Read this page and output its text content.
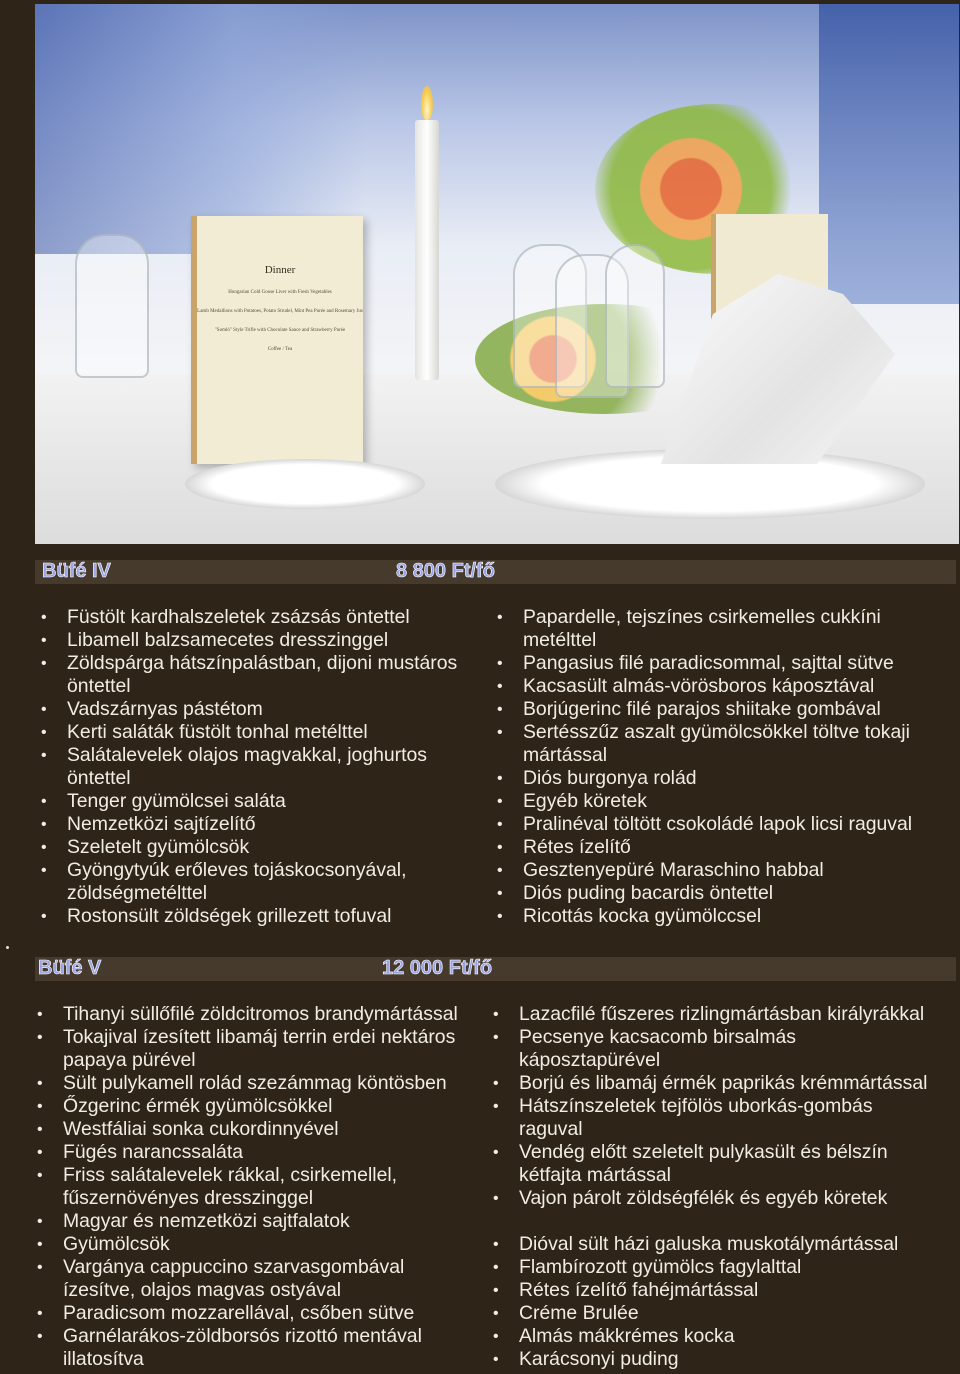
Dinner
Hungarian Cold Goose Liver with Fresh Vegetables
Lamb Medallions with Potatoes, Potato Strudel, Mint Pea Purée and Rosemary Jus
"Somló" Style Trifle with Chocolate Sauce and Strawberry Purée
Coffee / Tea
Büfé IV	8 800 Ft/fő
• Füstölt kardhalszeletek zsázsás öntettel
• Libamell balzsamecetes dresszinggel
• Zöldspárga hátszínpalástban, dijoni mustáros
öntettel
• Vadszárnyas pástétom
• Kerti saláták füstölt tonhal metélttel
• Salátalevelek olajos magvakkal, joghurtos
öntettel
• Tenger gyümölcsei saláta
• Nemzetközi sajtízelítő
• Szeletelt gyümölcsök
• Gyöngytyúk erőleves tojáskocsonyával,
zöldségmetélttel
• Rostonsült zöldségek grillezett tofuval
• Papardelle, tejszínes csirkemelles cukkíni
metélttel
• Pangasius filé paradicsommal, sajttal sütve
• Kacsasült almás-vörösboros káposztával
• Borjúgerinc filé parajos shiitake gombával
• Sertésszűz aszalt gyümölcsökkel töltve tokaji
mártással
• Diós burgonya rolád
• Egyéb köretek
• Pralinéval töltött csokoládé lapok licsi raguval
• Rétes ízelítő
• Gesztenyepüré Maraschino habbal
• Diós puding bacardis öntettel
• Ricottás kocka gyümölccsel
Büfé V	12 000 Ft/fő
• Tihanyi süllőfilé zöldcitromos brandymártással
• Tokajival ízesített libamáj terrin erdei nektáros
papaya pürével
• Sült pulykamell rolád szezámmag köntösben
• Őzgerinc érmék gyümölcsökkel
• Westfáliai sonka cukordinnyével
• Fügés narancssaláta
• Friss salátalevelek rákkal, csirkemellel,
fűszernövényes dresszinggel
• Magyar és nemzetközi sajtfalatok
• Gyümölcsök
• Vargánya cappuccino szarvasgombával
ízesítve, olajos magvas ostyával
• Paradicsom mozzarellával, csőben sütve
• Garnélarákos-zöldborsós rizottó mentával
illatosítva
• Lazacfilé fűszeres rizlingmártásban királyrákkal
• Pecsenye kacsacomb birsalmás
káposztapürével
• Borjú és libamáj érmék paprikás krémmártással
• Hátszínszeletek tejfölös uborkás-gombás
raguval
• Vendég előtt szeletelt pulykasült és bélszín
kétfajta mártással
• Vajon párolt zöldségfélék és egyéb köretek
• Dióval sült házi galuska muskotálymártással
• Flambírozott gyümölcs fagylalttal
• Rétes ízelítő fahéjmártással
• Créme Brulée
• Almás mákkrémes kocka
• Karácsonyi puding
